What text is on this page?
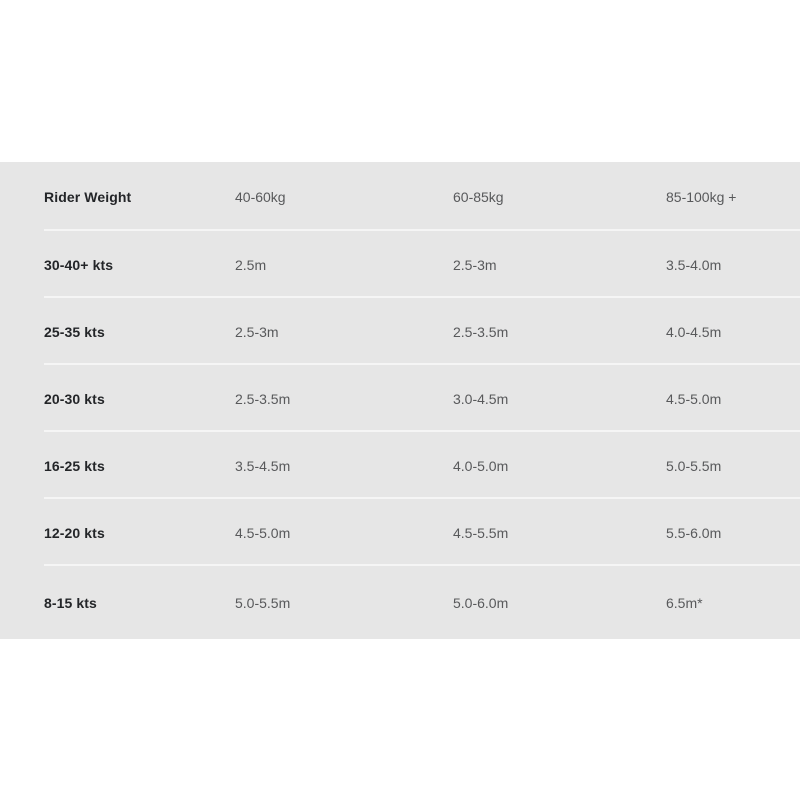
Rider Weight	40-60kg	60-85kg	85-100kg +
30-40+ kts	2.5m	2.5-3m	3.5-4.0m
25-35 kts	2.5-3m	2.5-3.5m	4.0-4.5m
20-30 kts	2.5-3.5m	3.0-4.5m	4.5-5.0m
16-25 kts	3.5-4.5m	4.0-5.0m	5.0-5.5m
12-20 kts	4.5-5.0m	4.5-5.5m	5.5-6.0m
8-15 kts	5.0-5.5m	5.0-6.0m	6.5m*
